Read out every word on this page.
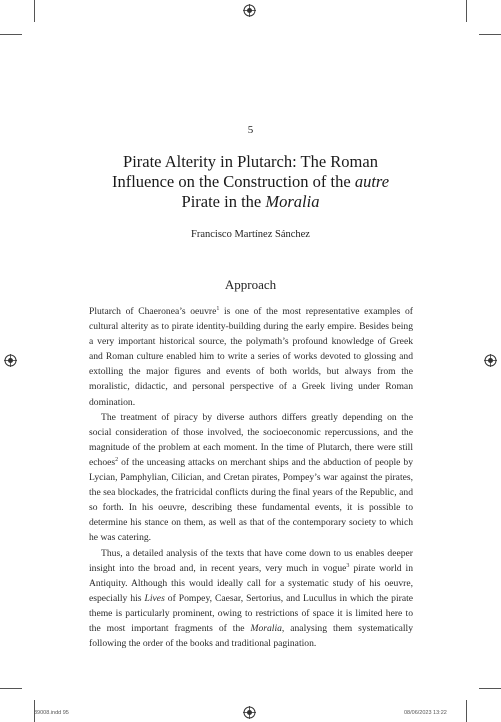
5
Pirate Alterity in Plutarch: The Roman
Influence on the Construction of the autre
Pirate in the Moralia
Francisco Martínez Sánchez
Approach

Plutarch of Chaeronea’s oeuvre$^1$ is one of the most representative examples of cultural alterity as to pirate identity-building during the early empire. Besides being a very important historical source, the polymath’s profound knowledge of Greek and Roman culture enabled him to write a series of works devoted to glossing and extolling the major figures and events of both worlds, but always from the moralistic, didactic, and personal perspective of a Greek living under Roman domination.

The treatment of piracy by diverse authors differs greatly depending on the social consideration of those involved, the socioeconomic repercussions, and the magnitude of the problem at each moment. In the time of Plutarch, there were still echoes$^2$ of the unceasing attacks on merchant ships and the abduction of people by Lycian, Pamphylian, Cilician, and Cretan pirates, Pompey’s war against the pirates, the sea blockades, the fratricidal conflicts during the final years of the Republic, and so forth. In his oeuvre, describing these fundamental events, it is possible to determine his stance on them, as well as that of the contemporary society to which he was catering.

Thus, a detailed analysis of the texts that have come down to us enables deeper insight into the broad and, in recent years, very much in vogue$^3$ pirate world in Antiquity. Although this would ideally call for a systematic study of his oeuvre, especially his Lives of Pompey, Caesar, Sertorius, and Lucullus in which the pirate theme is particularly prominent, owing to restrictions of space it is limited here to the most important fragments of the Moralia, analysing them systematically following the order of the books and traditional pagination.

39008.indd 95	08/06/2023 13:22
